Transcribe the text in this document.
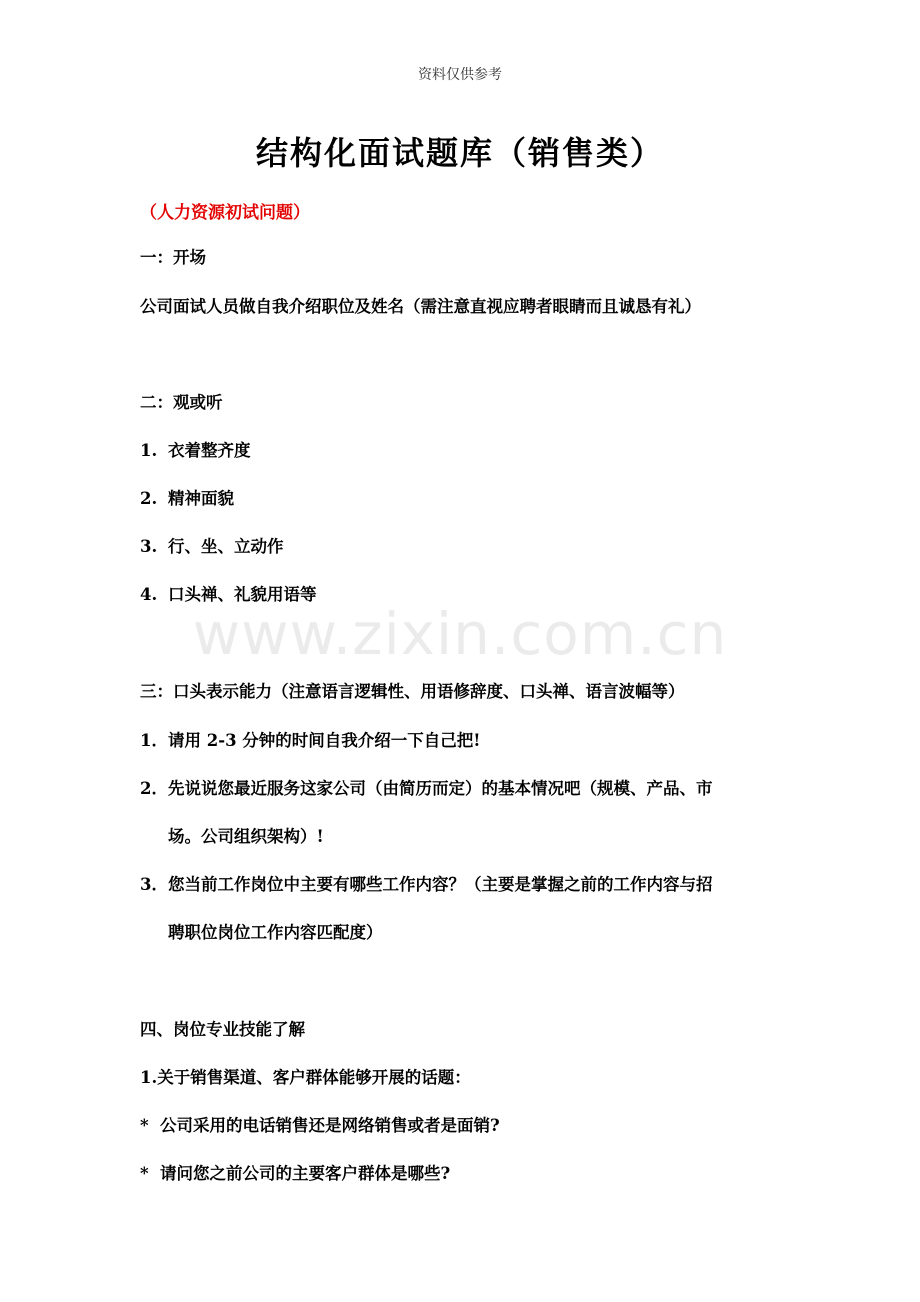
资料仅供参考
结构化面试题库（销售类）
（人力资源初试问题）
一：开场
公司面试人员做自我介绍职位及姓名（需注意直视应聘者眼睛而且诚恳有礼）
二：观或听
1. 衣着整齐度
2. 精神面貌
3. 行、坐、立动作
4. 口头禅、礼貌用语等
www.zixin.com.cn
三：口头表示能力（注意语言逻辑性、用语修辞度、口头禅、语言波幅等）
1．请用 2-3 分钟的时间自我介绍一下自己把!
2．先说说您最近服务这家公司（由简历而定）的基本情况吧（规模、产品、市
场。公司组织架构）!
3．您当前工作岗位中主要有哪些工作内容？（主要是掌握之前的工作内容与招
聘职位岗位工作内容匹配度）
四、岗位专业技能了解
1.关于销售渠道、客户群体能够开展的话题：
* 公司采用的电话销售还是网络销售或者是面销?
* 请问您之前公司的主要客户群体是哪些?
